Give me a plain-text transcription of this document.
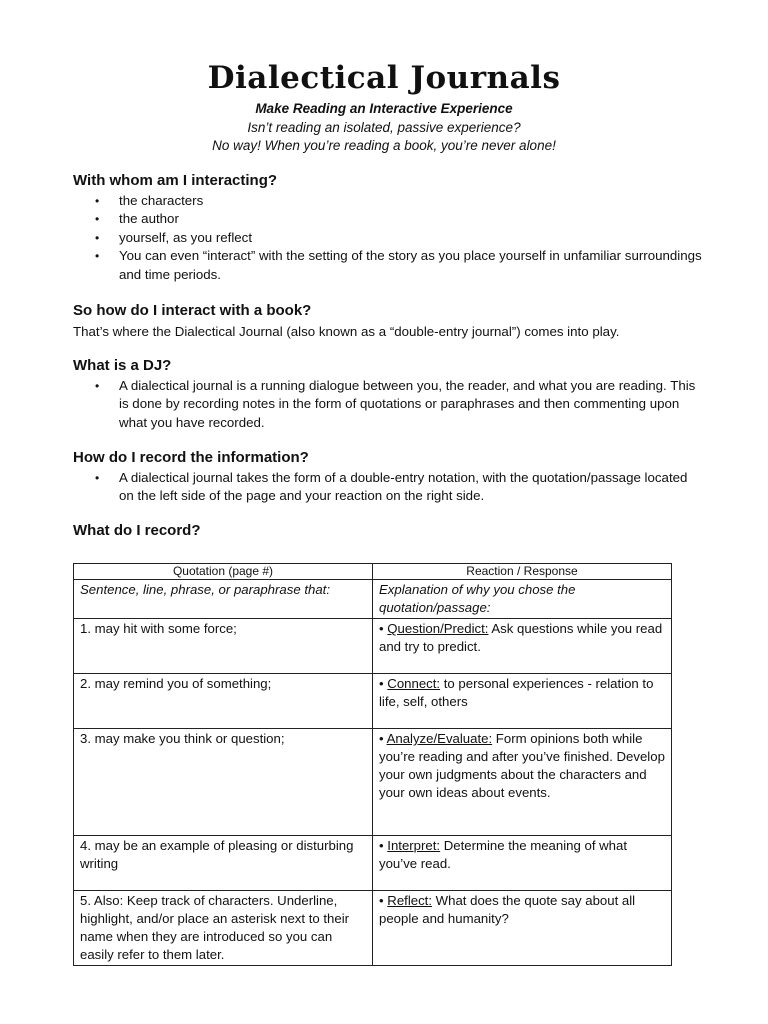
Dialectical Journals
Make Reading an Interactive Experience
Isn’t reading an isolated, passive experience?
No way! When you’re reading a book, you’re never alone!
With whom am I interacting?
• the characters
• the author
• yourself, as you reflect
• You can even “interact” with the setting of the story as you place yourself in unfamiliar surroundings and time periods.
So how do I interact with a book?

That’s where the Dialectical Journal (also known as a “double-entry journal”) comes into play.

What is a DJ?
• A dialectical journal is a running dialogue between you, the reader, and what you are reading. This is done by recording notes in the form of quotations or paraphrases and then commenting upon what you have recorded.
How do I record the information?
• A dialectical journal takes the form of a double-entry notation, with the quotation/passage located on the left side of the page and your reaction on the right side.
What do I record?
Quotation (page #)	Reaction / Response
Sentence, line, phrase, or paraphrase that:	Explanation of why you chose the quotation/passage:
1. may hit with some force;	• Question/Predict: Ask questions while you read and try to predict.
2. may remind you of something;	• Connect: to personal experiences - relation to life, self, others
3. may make you think or question;	• Analyze/Evaluate: Form opinions both while you’re reading and after you’ve finished. Develop your own judgments about the characters and your own ideas about events.
4. may be an example of pleasing or disturbing writing	• Interpret: Determine the meaning of what you’ve read.
5. Also: Keep track of characters. Underline, highlight, and/or place an asterisk next to their name when they are introduced so you can easily refer to them later.	• Reflect: What does the quote say about all people and humanity?
